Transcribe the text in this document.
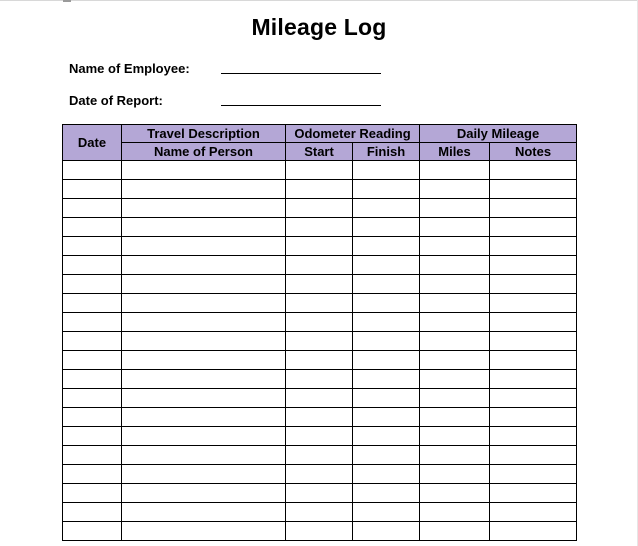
Mileage Log
Name of Employee:
Date of Report:
Date	Travel Description	Odometer Reading		Daily Mileage	
	Name of Person	Start	Finish	Miles	Notes
